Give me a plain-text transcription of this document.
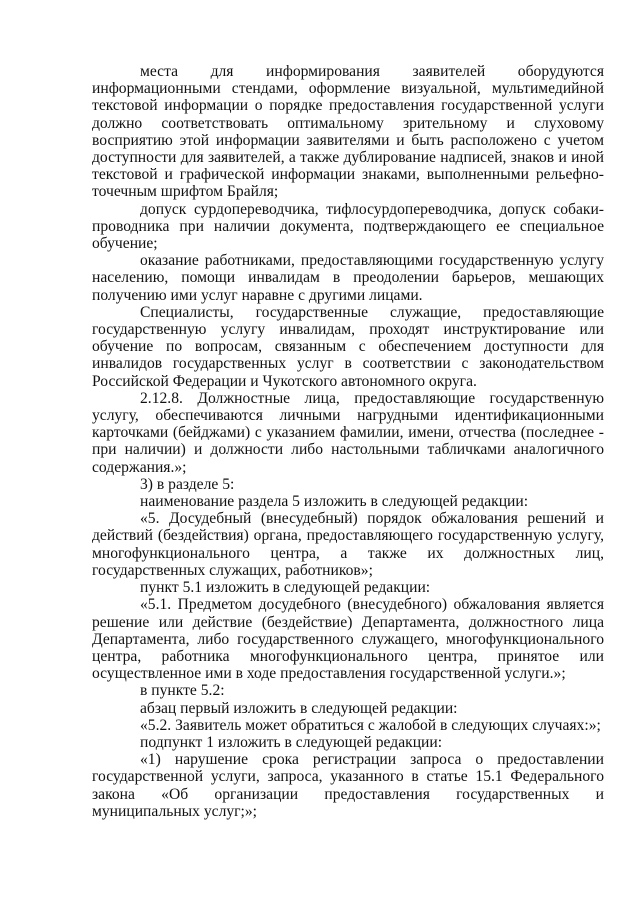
места для информирования заявителей оборудуются информационными стендами, оформление визуальной, мультимедийной текстовой информации о порядке предоставления государственной услуги должно соответствовать оптимальному зрительному и слуховому восприятию этой информации заявителями и быть расположено с учетом доступности для заявителей, а также дублирование надписей, знаков и иной текстовой и графической информации знаками, выполненными рельефно-точечным шрифтом Брайля;

допуск сурдопереводчика, тифлосурдопереводчика, допуск собаки-проводника при наличии документа, подтверждающего ее специальное обучение;

оказание работниками, предоставляющими государственную услугу населению, помощи инвалидам в преодолении барьеров, мешающих получению ими услуг наравне с другими лицами.

Специалисты, государственные служащие, предоставляющие государственную услугу инвалидам, проходят инструктирование или обучение по вопросам, связанным с обеспечением доступности для инвалидов государственных услуг в соответствии с законодательством Российской Федерации и Чукотского автономного округа.

2.12.8. Должностные лица, предоставляющие государственную услугу, обеспечиваются личными нагрудными идентификационными карточками (бейджами) с указанием фамилии, имени, отчества (последнее - при наличии) и должности либо настольными табличками аналогичного содержания.»;

3) в разделе 5:

наименование раздела 5 изложить в следующей редакции:

«5. Досудебный (внесудебный) порядок обжалования решений и действий (бездействия) органа, предоставляющего государственную услугу, многофункционального центра, а также их должностных лиц, государственных служащих, работников»;

пункт 5.1 изложить в следующей редакции:

«5.1. Предметом досудебного (внесудебного) обжалования является решение или действие (бездействие) Департамента, должностного лица Департамента, либо государственного служащего, многофункционального центра, работника многофункционального центра, принятое или осуществленное ими в ходе предоставления государственной услуги.»;

в пункте 5.2:

абзац первый изложить в следующей редакции:

«5.2. Заявитель может обратиться с жалобой в следующих случаях:»;

подпункт 1 изложить в следующей редакции:

«1) нарушение срока регистрации запроса о предоставлении государственной услуги, запроса, указанного в статье 15.1 Федерального закона «Об организации предоставления государственных и муниципальных услуг;»;
